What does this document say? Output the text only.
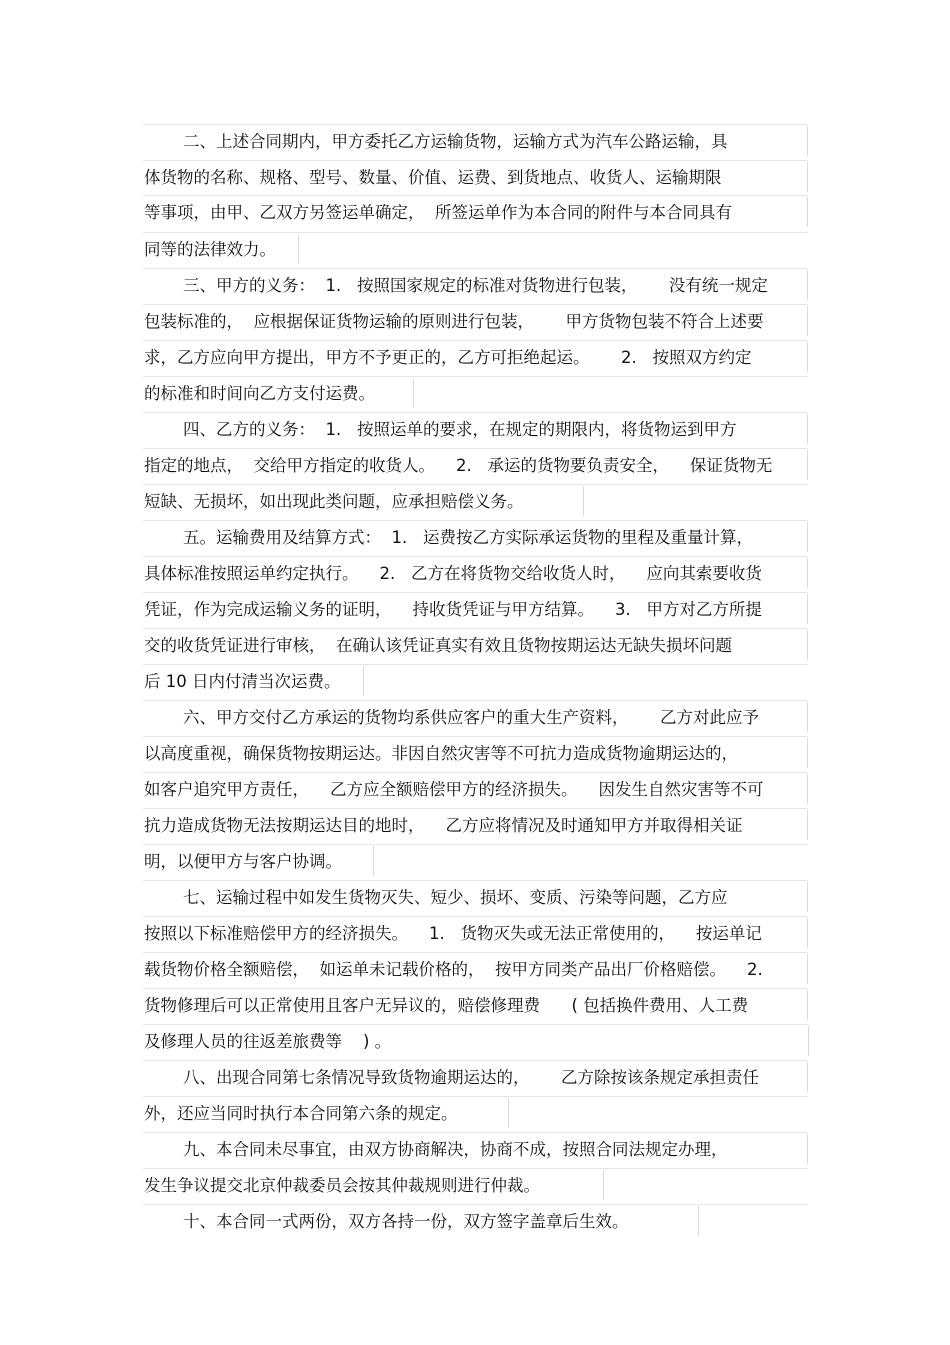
二、上述合同期内，甲方委托乙方运输货物，运输方式为汽车公路运输，具
体货物的名称、规格、型号、数量、价值、运费、到货地点、收货人、运输期限
等事项，由甲、乙双方另签运单确定，  所签运单作为本合同的附件与本合同具有
同等的法律效力。
三、甲方的义务：  1.   按照国家规定的标准对货物进行包装，      没有统一规定
包装标准的，  应根据保证货物运输的原则进行包装，      甲方货物包装不符合上述要
求，乙方应向甲方提出，甲方不予更正的，乙方可拒绝起运。      2.   按照双方约定
的标准和时间向乙方支付运费。
四、乙方的义务：  1.   按照运单的要求，在规定的期限内，将货物运到甲方
指定的地点，  交给甲方指定的收货人。    2.   承运的货物要负责安全，    保证货物无
短缺、无损坏，如出现此类问题，应承担赔偿义务。
五。运输费用及结算方式：  1.   运费按乙方实际承运货物的里程及重量计算，
具体标准按照运单约定执行。    2.   乙方在将货物交给收货人时，    应向其索要收货
凭证，作为完成运输义务的证明，    持收货凭证与甲方结算。    3.   甲方对乙方所提
交的收货凭证进行审核，  在确认该凭证真实有效且货物按期运达无缺失损坏问题
后 10 日内付清当次运费。
六、甲方交付乙方承运的货物均系供应客户的重大生产资料，      乙方对此应予
以高度重视，确保货物按期运达。非因自然灾害等不可抗力造成货物逾期运达的，
如客户追究甲方责任，    乙方应全额赔偿甲方的经济损失。    因发生自然灾害等不可
抗力造成货物无法按期运达目的地时，    乙方应将情况及时通知甲方并取得相关证
明，以便甲方与客户协调。
七、运输过程中如发生货物灭失、短少、损坏、变质、污染等问题，乙方应
按照以下标准赔偿甲方的经济损失。    1.   货物灭失或无法正常使用的，    按运单记
载货物价格全额赔偿，  如运单未记载价格的，  按甲方同类产品出厂价格赔偿。    2.
货物修理后可以正常使用且客户无异议的，赔偿修理费      ( 包括换件费用、人工费
及修理人员的往返差旅费等    ) 。
八、出现合同第七条情况导致货物逾期运达的，      乙方除按该条规定承担责任
外，还应当同时执行本合同第六条的规定。
九、本合同未尽事宜，由双方协商解决，协商不成，按照合同法规定办理，
发生争议提交北京仲裁委员会按其仲裁规则进行仲裁。
十、本合同一式两份，双方各持一份，双方签字盖章后生效。
